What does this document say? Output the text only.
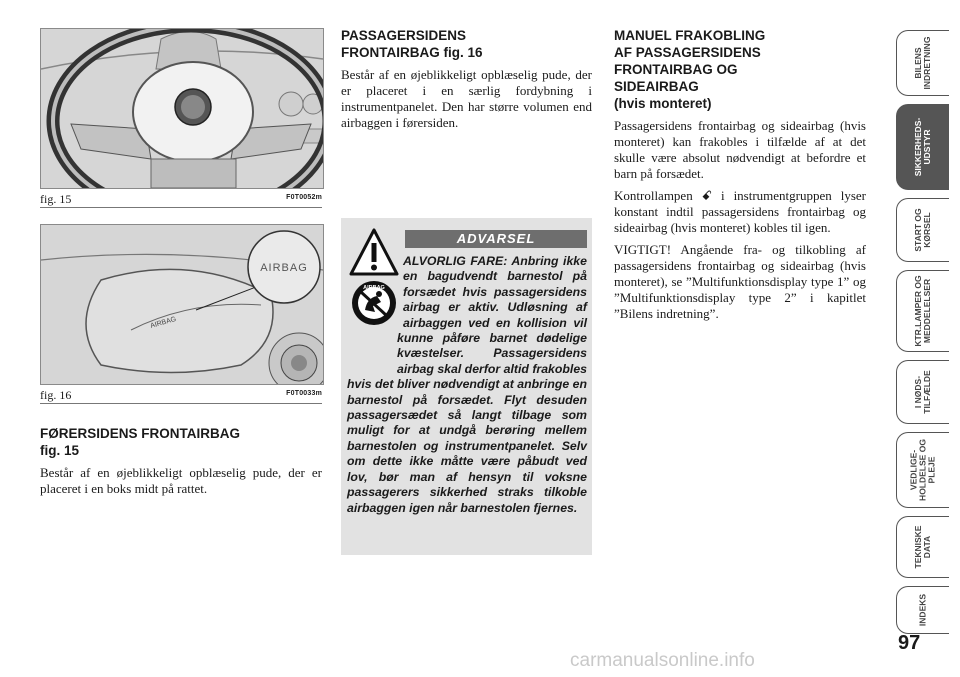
fig. 15	F0T0052m
AIRBAG
AIRBAG
fig. 16	F0T0033m

FØRERSIDENS FRONTAIRBAG
fig. 15

Består af en øjeblikkeligt opblæselig pude, der er placeret i en boks midt på rattet.

PASSAGERSIDENS
FRONTAIRBAG fig. 16

Består af en øjeblikkeligt opblæselig pude, der er placeret i en særlig fordybning i instrumentpanelet. Den har større volumen end airbaggen i førersiden.

AIRBAG
ADVARSEL
ALVORLIG FARE: Anbring ikke en bagudvendt barnestol på forsædet hvis passagersidens airbag er aktiv. Udløsning af airbaggen ved en kollision vil kunne påføre barnet dødelige kvæstelser. Passagersidens airbag skal derfor altid frakobles hvis det bliver nødvendigt at anbringe en barnestol på forsædet. Flyt desuden passagersædet så langt tilbage som muligt for at undgå berøring mellem barnestolen og instrumentpanelet. Selv om dette ikke måtte være påbudt ved lov, bør man af hensyn til voksne passagerers sikkerhed straks tilkoble airbaggen igen når barnestolen fjernes.

MANUEL FRAKOBLING
AF PASSAGERSIDENS
FRONTAIRBAG OG
SIDEAIRBAG
(hvis monteret)

Passagersidens frontairbag og sideairbag (hvis monteret) kan frakobles i tilfælde af at det skulle være absolut nødvendigt at befordre et barn på forsædet.

Kontrollampen ꗃ i instrumentgruppen lyser konstant indtil passagersidens frontairbag og sideairbag (hvis monteret) kobles til igen.

VIGTIGT! Angående fra- og tilkobling af passagersidens frontairbag og sideairbag (hvis monteret), se ”Multifunktionsdisplay type 1” og ”Multifunktionsdisplay type 2” i kapitlet ”Bilens indretning”.

BILENS INDRETNING
SIKKERHEDS- UDSTYR
START OG KØRSEL
KTR.LAMPER OG MEDDELELSER
I NØDS- TILFÆLDE
VEDLIGE- HOLDELSE OG PLEJE
TEKNISKE DATA
INDEKS
97
carmanualsonline.info
